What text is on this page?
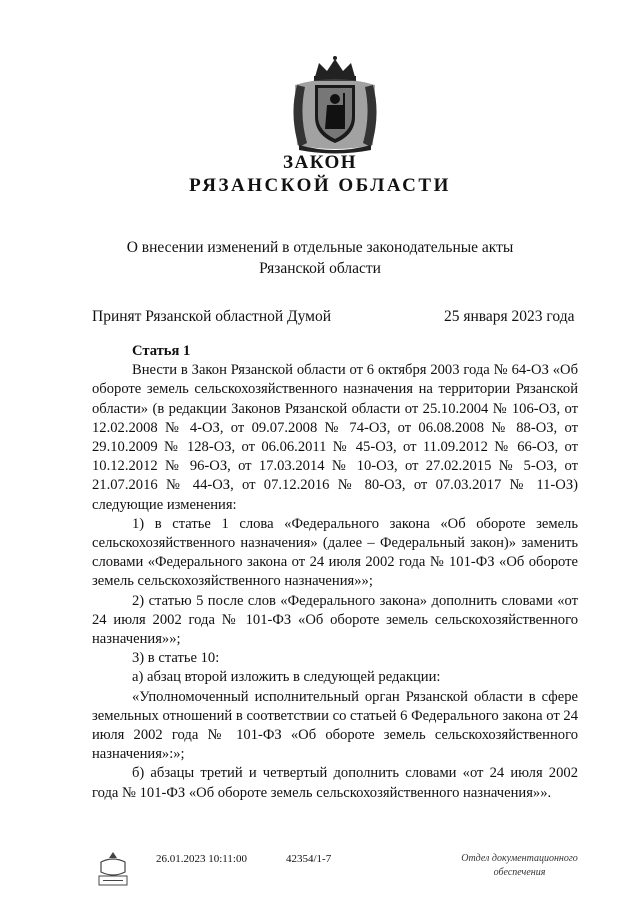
ЗАКОН
РЯЗАНСКОЙ ОБЛАСТИ
О внесении изменений в отдельные законодательные акты
Рязанской области
Принят Рязанской областной Думой	25 января 2023 года
Статья 1

Внести в Закон Рязанской области от 6 октября 2003 года № 64-ОЗ «Об обороте земель сельскохозяйственного назначения на территории Рязанской области» (в редакции Законов Рязанской области от 25.10.2004 № 106-ОЗ, от 12.02.2008 № 4-ОЗ, от 09.07.2008 № 74-ОЗ, от 06.08.2008 № 88-ОЗ, от 29.10.2009 № 128-ОЗ, от 06.06.2011 № 45-ОЗ, от 11.09.2012 № 66-ОЗ, от 10.12.2012 № 96-ОЗ, от 17.03.2014 № 10-ОЗ, от 27.02.2015 № 5-ОЗ, от 21.07.2016 № 44-ОЗ, от 07.12.2016 № 80-ОЗ, от 07.03.2017 № 11-ОЗ) следующие изменения:

1) в статье 1 слова «Федерального закона «Об обороте земель сельскохозяйственного назначения» (далее – Федеральный закон)» заменить словами «Федерального закона от 24 июля 2002 года № 101-ФЗ «Об обороте земель сельскохозяйственного назначения»»;

2) статью 5 после слов «Федерального закона» дополнить словами «от 24 июля 2002 года № 101-ФЗ «Об обороте земель сельскохозяйственного назначения»»;

3) в статье 10:

а) абзац второй изложить в следующей редакции:

«Уполномоченный исполнительный орган Рязанской области в сфере земельных отношений в соответствии со статьей 6 Федерального закона от 24 июля 2002 года № 101-ФЗ «Об обороте земель сельскохозяйственного назначения»:»;

б) абзацы третий и четвертый дополнить словами «от 24 июля 2002 года № 101-ФЗ «Об обороте земель сельскохозяйственного назначения»».

26.01.2023 10:11:00	42354/1-7	Отдел документационного
обеспечения
